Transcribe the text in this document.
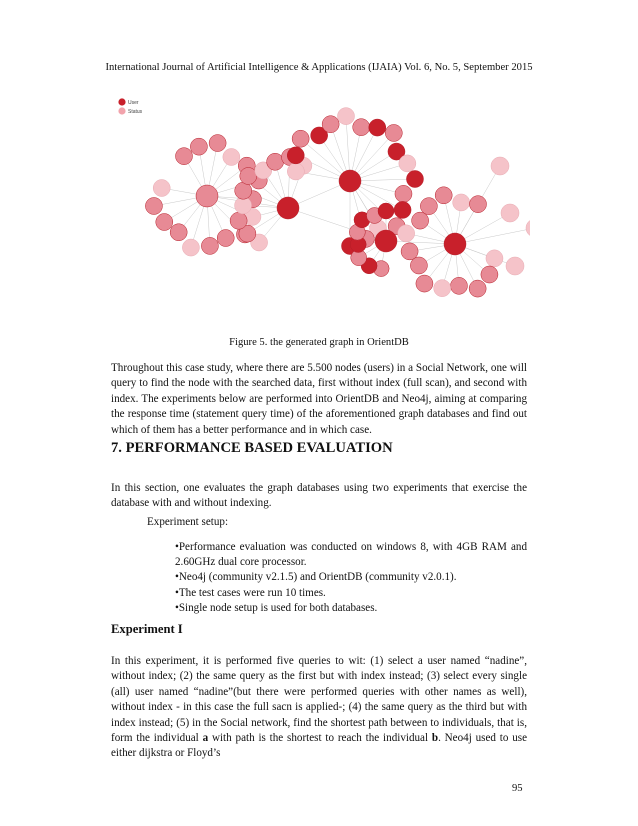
International Journal of Artificial Intelligence & Applications (IJAIA) Vol. 6, No. 5, September 2015
User
Status
Figure 5. the generated graph in OrientDB

Throughout this case study, where there are 5.500 nodes (users) in a Social Network, one will query to find the node with the searched data, first without index (full scan), and second with index. The experiments below are performed into OrientDB and Neo4j, aiming at comparing the response time (statement query time) of the aforementioned graph databases and find out which of them has a better performance and in which case.

7. PERFORMANCE BASED EVALUATION

In this section, one evaluates the graph databases using two experiments that exercise the database with and without indexing.

Experiment setup:

•Performance evaluation was conducted on windows 8, with 4GB RAM and 2.60GHz dual core processor.
•Neo4j (community v2.1.5) and OrientDB (community v2.0.1).
•The test cases were run 10 times.
•Single node setup is used for both databases.
Experiment I

In this experiment, it is performed five queries to wit: (1) select a user named “nadine”, without index; (2) the same query as the first but with index instead; (3) select every single (all) user named “nadine”(but there were performed queries with other names as well), without index - in this case the full sacn is applied-; (4) the same query as the third but with index instead; (5) in the Social network, find the shortest path between to individuals, that is, form the individual a with path is the shortest to reach the individual b. Neo4j used to use either dijkstra or Floyd’s

95
